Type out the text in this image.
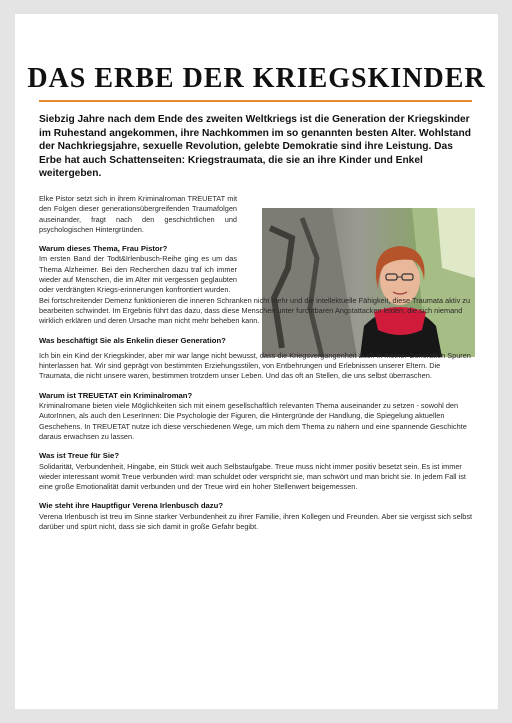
DAS ERBE DER KRIEGSKINDER

Siebzig Jahre nach dem Ende des zweiten Weltkriegs ist die Generation der Kriegskinder im Ruhestand angekommen, ihre Nachkommen im so genannten besten Alter. Wohlstand der Nachkriegsjahre, sexuelle Revolution, gelebte Demokratie sind ihre Leistung. Das Erbe hat auch Schattenseiten: Kriegstraumata, die sie an ihre Kinder und Enkel weitergeben.

Elke Pistor setzt sich in ihrem Kriminalroman TREUETAT mit den Folgen dieser generationsübergreifenden Traumafolgen auseinander, fragt nach den geschichtlichen und psychologischen Hintergründen.

Warum dieses Thema, Frau Pistor?

Im ersten Band der Todt&Irlenbusch-Reihe ging es um das Thema Alzheimer. Bei den Recherchen dazu traf ich immer wieder auf Menschen, die im Alter mit vergessen geglaubten oder verdrängten Kriegs-erinnerungen konfrontiert wurden.

Bei fortschreitender Demenz funktionieren die inneren Schranken nicht mehr und die intellektuelle Fähigkeit, diese Traumata aktiv zu bearbeiten schwindet. Im Ergebnis führt das dazu, dass diese Menschen unter furchtbaren Angstattacken leiden, die sich niemand wirklich erklären und deren Ursache man nicht mehr beheben kann.

Was beschäftigt Sie als Enkelin dieser Generation?

Ich bin ein Kind der Kriegskinder, aber mir war lange nicht bewusst, dass die Kriegsvergangenheit auch in meiner Generation Spuren hinterlassen hat. Wir sind geprägt von bestimmten Erziehungsstilen, von Entbehrungen und Erlebnissen unserer Eltern. Die Traumata, die nicht unsere waren, bestimmen trotzdem unser Leben. Und das oft an Stellen, die uns selbst überraschen.

Warum ist TREUETAT ein Kriminalroman?

Kriminalromane bieten viele Möglichkeiten sich mit einem gesellschaftlich relevanten Thema auseinander zu setzen - sowohl den AutorInnen, als auch den LeserInnen: Die Psychologie der Figuren, die Hintergründe der Handlung, die Spiegelung aktuellen Geschehens. In TREUETAT nutze ich diese verschiedenen Wege, um mich dem Thema zu nähern und eine spannende Geschichte daraus erwachsen zu lassen.

Was ist Treue für Sie?

Solidarität, Verbundenheit, Hingabe, ein Stück weit auch Selbstaufgabe. Treue muss nicht immer positiv besetzt sein. Es ist immer wieder interessant womit Treue verbunden wird: man schuldet oder verspricht sie, man schwört und man bricht sie. In jedem Fall ist eine große Emotionalität damit verbunden und der Treue wird ein hoher Stellenwert beigemessen.

Wie steht ihre Hauptfigur Verena Irlenbusch dazu?

Verena Irlenbusch ist treu im Sinne starker Verbundenheit zu ihrer Familie, ihren Kollegen und Freunden. Aber sie vergisst sich selbst darüber und spürt nicht, dass sie sich damit in große Gefahr begibt.
